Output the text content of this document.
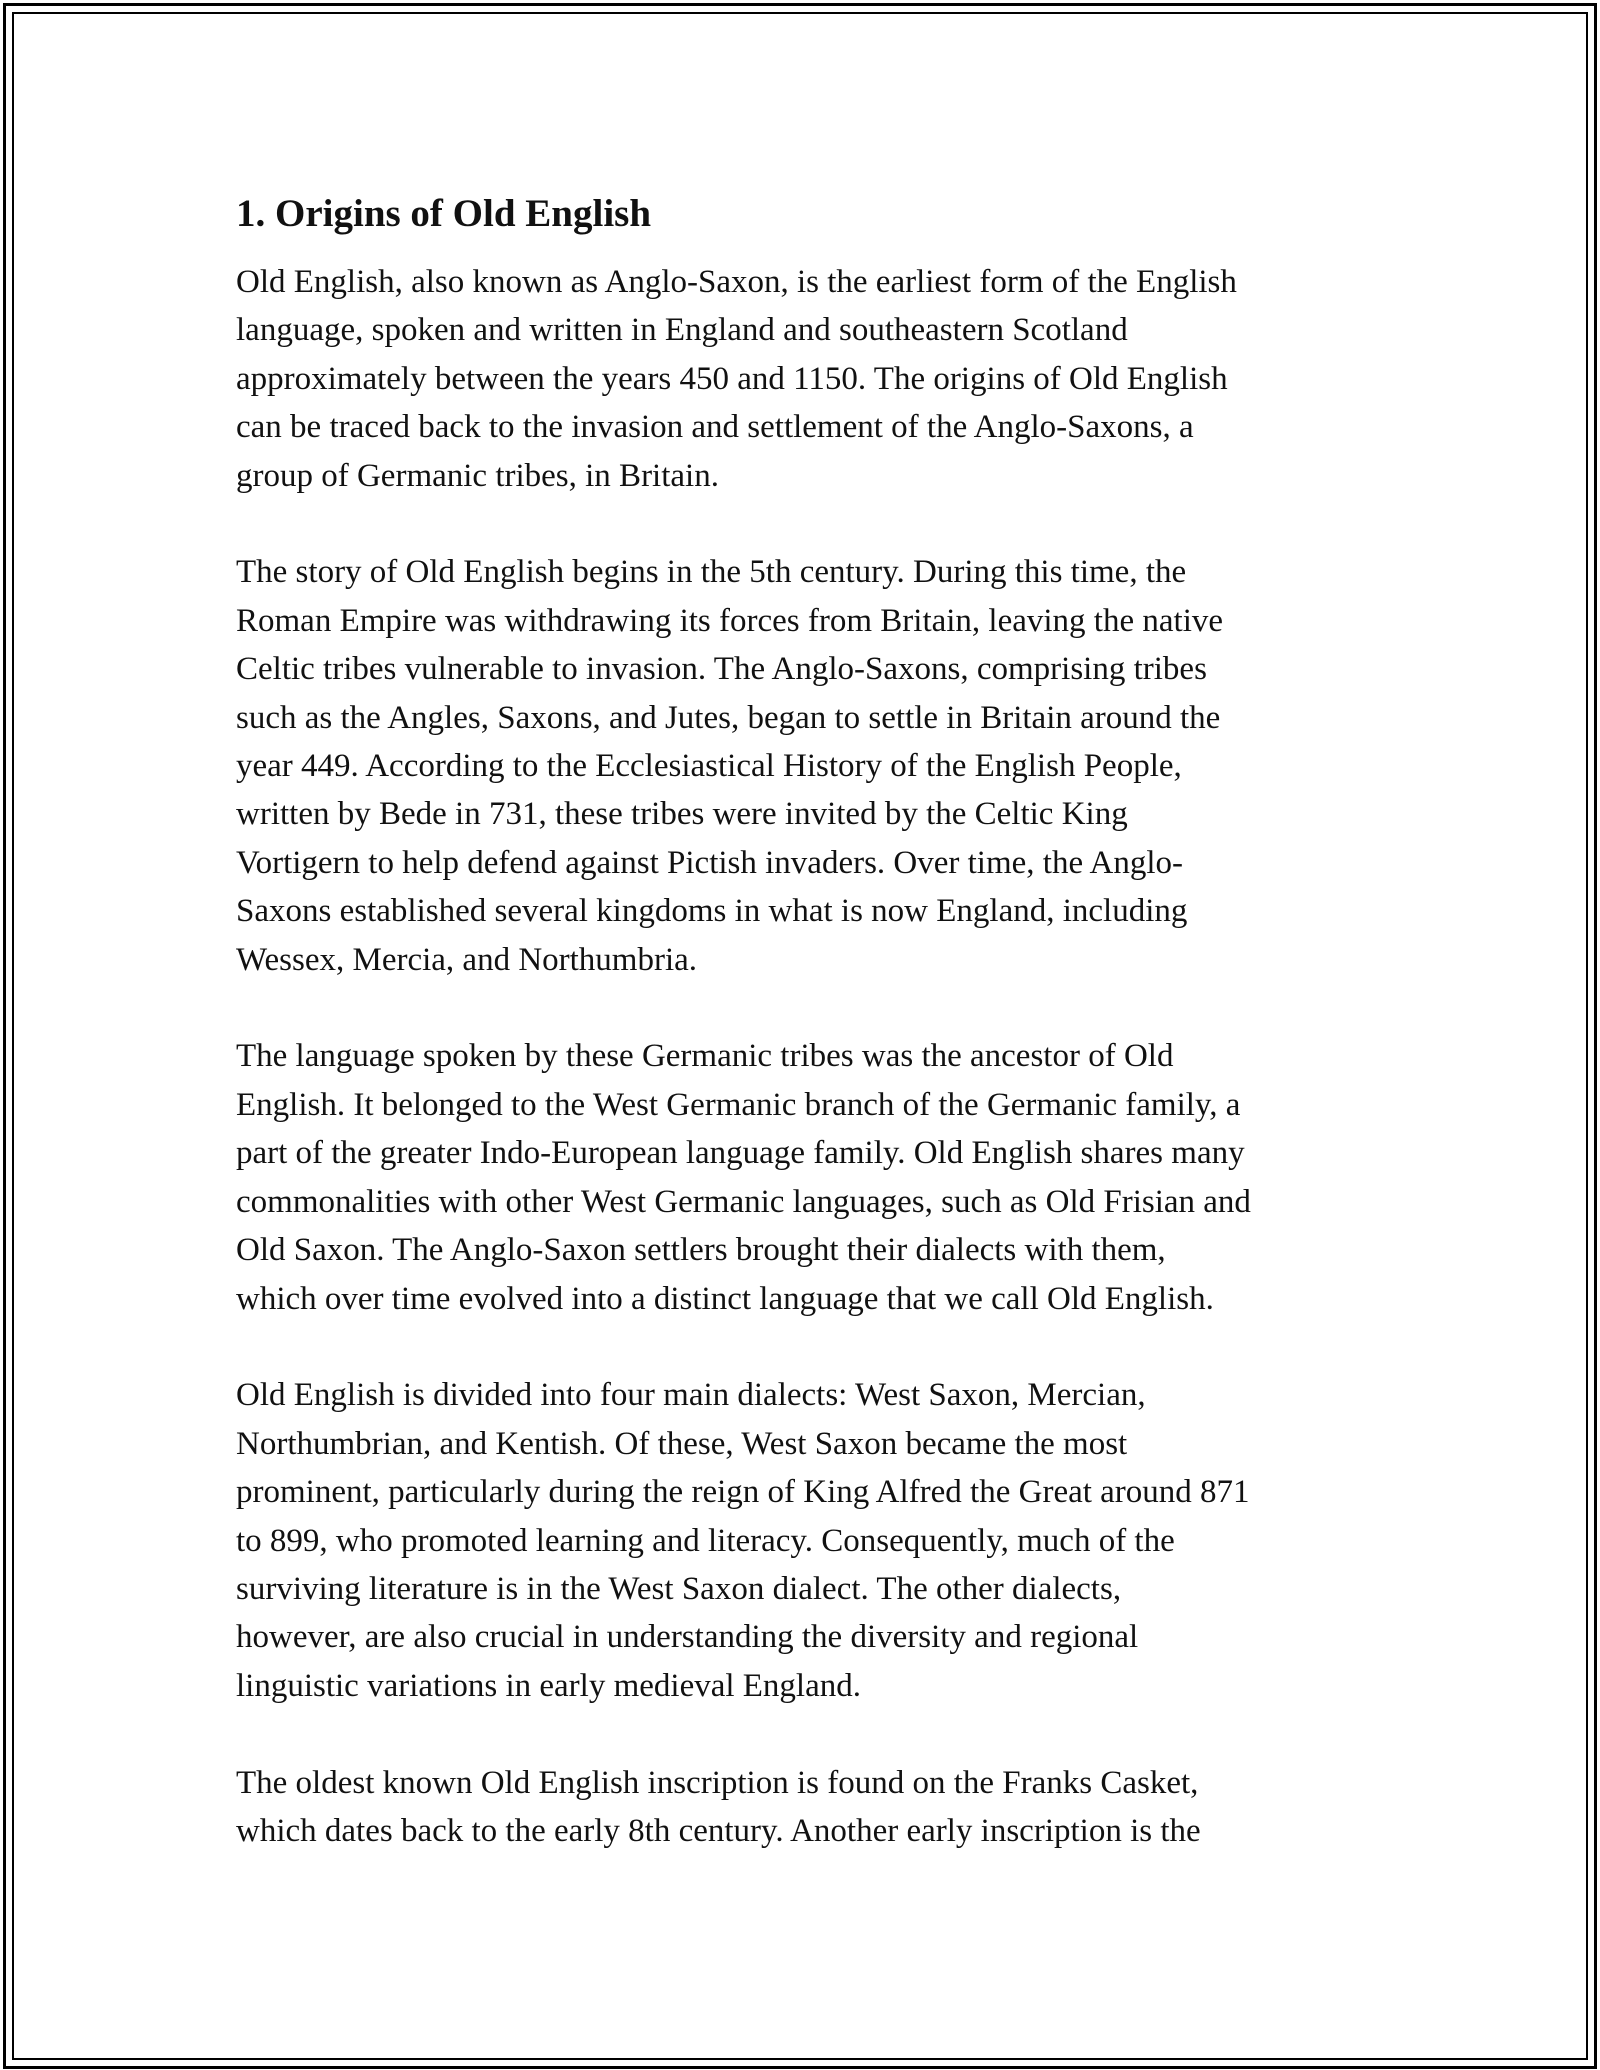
1. Origins of Old English

Old English, also known as Anglo-Saxon, is the earliest form of the English
language, spoken and written in England and southeastern Scotland
approximately between the years 450 and 1150. The origins of Old English
can be traced back to the invasion and settlement of the Anglo-Saxons, a
group of Germanic tribes, in Britain.

The story of Old English begins in the 5th century. During this time, the
Roman Empire was withdrawing its forces from Britain, leaving the native
Celtic tribes vulnerable to invasion. The Anglo-Saxons, comprising tribes
such as the Angles, Saxons, and Jutes, began to settle in Britain around the
year 449. According to the Ecclesiastical History of the English People,
written by Bede in 731, these tribes were invited by the Celtic King
Vortigern to help defend against Pictish invaders. Over time, the Anglo-
Saxons established several kingdoms in what is now England, including
Wessex, Mercia, and Northumbria.

The language spoken by these Germanic tribes was the ancestor of Old
English. It belonged to the West Germanic branch of the Germanic family, a
part of the greater Indo-European language family. Old English shares many
commonalities with other West Germanic languages, such as Old Frisian and
Old Saxon. The Anglo-Saxon settlers brought their dialects with them,
which over time evolved into a distinct language that we call Old English.

Old English is divided into four main dialects: West Saxon, Mercian,
Northumbrian, and Kentish. Of these, West Saxon became the most
prominent, particularly during the reign of King Alfred the Great around 871
to 899, who promoted learning and literacy. Consequently, much of the
surviving literature is in the West Saxon dialect. The other dialects,
however, are also crucial in understanding the diversity and regional
linguistic variations in early medieval England.

The oldest known Old English inscription is found on the Franks Casket,
which dates back to the early 8th century. Another early inscription is the
